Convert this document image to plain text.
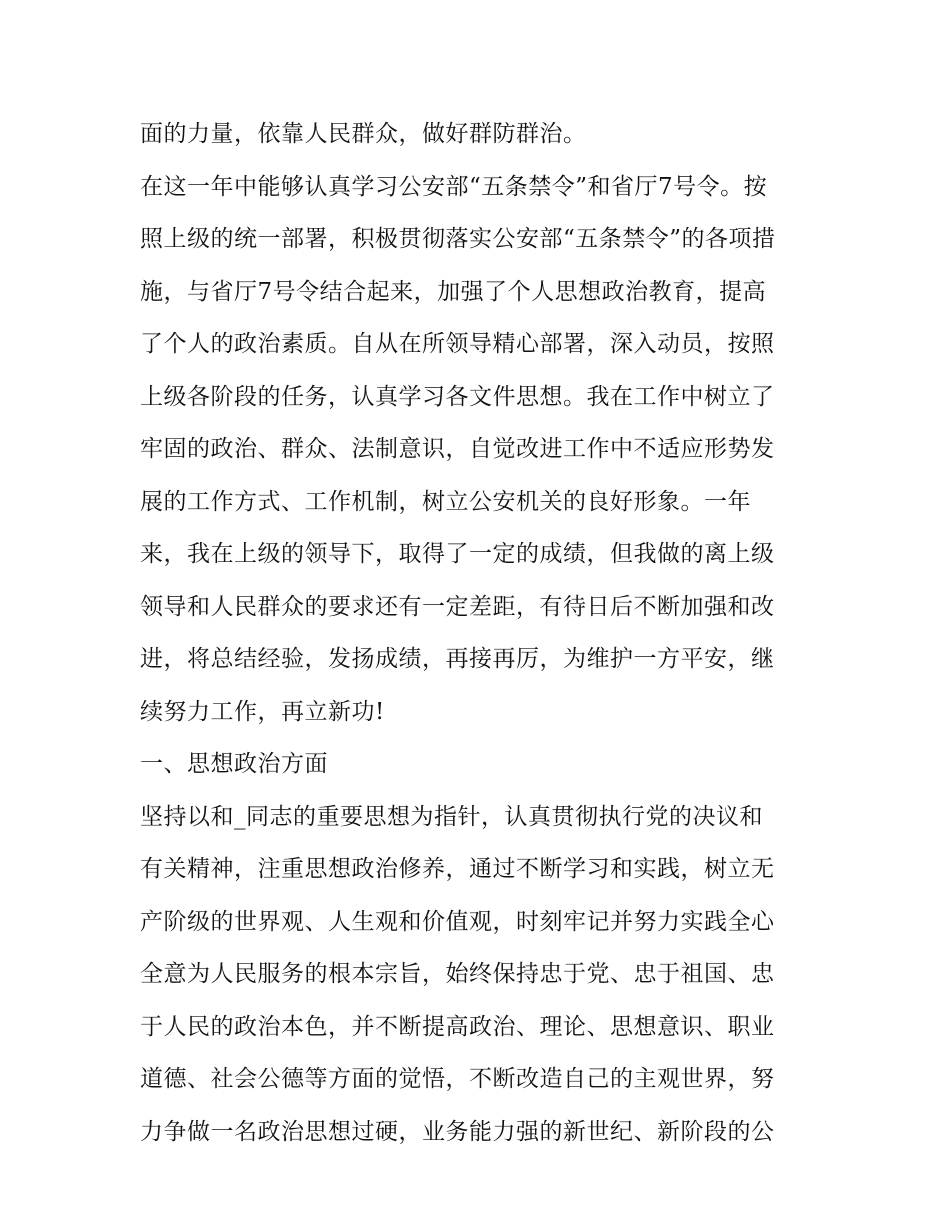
面的力量，依靠人民群众，做好群防群治。
在这一年中能够认真学习公安部“五条禁令”和省厅7号令。按
照上级的统一部署，积极贯彻落实公安部“五条禁令”的各项措
施，与省厅7号令结合起来，加强了个人思想政治教育，提高
了个人的政治素质。自从在所领导精心部署，深入动员，按照
上级各阶段的任务，认真学习各文件思想。我在工作中树立了
牢固的政治、群众、法制意识，自觉改进工作中不适应形势发
展的工作方式、工作机制，树立公安机关的良好形象。一年
来，我在上级的领导下，取得了一定的成绩，但我做的离上级
领导和人民群众的要求还有一定差距，有待日后不断加强和改
进，将总结经验，发扬成绩，再接再厉，为维护一方平安，继
续努力工作，再立新功!
一、思想政治方面
坚持以和_同志的重要思想为指针，认真贯彻执行党的决议和
有关精神，注重思想政治修养，通过不断学习和实践，树立无
产阶级的世界观、人生观和价值观，时刻牢记并努力实践全心
全意为人民服务的根本宗旨，始终保持忠于党、忠于祖国、忠
于人民的政治本色，并不断提高政治、理论、思想意识、职业
道德、社会公德等方面的觉悟，不断改造自己的主观世界，努
力争做一名政治思想过硬，业务能力强的新世纪、新阶段的公
